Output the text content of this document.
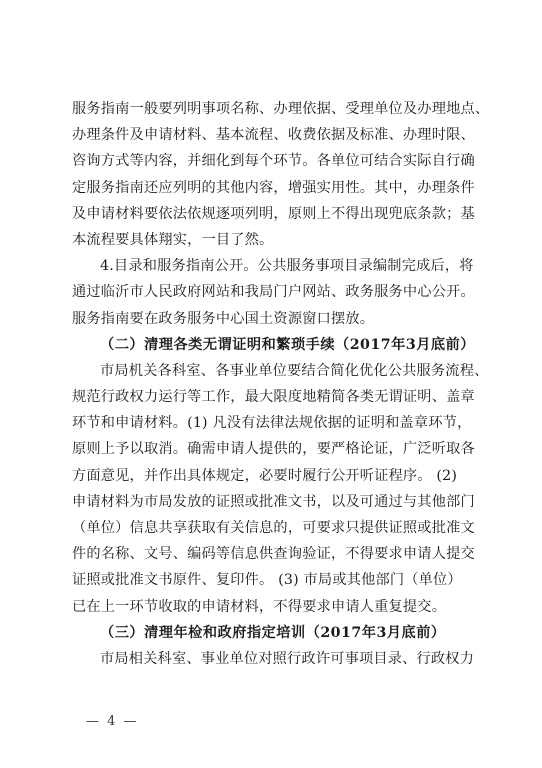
服务指南一般要列明事项名称、办理依据、受理单位及办理地点、
办理条件及申请材料、基本流程、收费依据及标准、办理时限、
咨询方式等内容，并细化到每个环节。各单位可结合实际自行确
定服务指南还应列明的其他内容，增强实用性。其中，办理条件
及申请材料要依法依规逐项列明，原则上不得出现兜底条款；基
本流程要具体翔实，一目了然。
4.目录和服务指南公开。公共服务事项目录编制完成后，将
通过临沂市人民政府网站和我局门户网站、政务服务中心公开。
服务指南要在政务服务中心国土资源窗口摆放。
（二）清理各类无谓证明和繁琐手续（2017年3月底前）
市局机关各科室、各事业单位要结合简化优化公共服务流程、
规范行政权力运行等工作，最大限度地精简各类无谓证明、盖章
环节和申请材料。(1) 凡没有法律法规依据的证明和盖章环节，
原则上予以取消。确需申请人提供的，要严格论证，广泛听取各
方面意见，并作出具体规定，必要时履行公开听证程序。 (2)
申请材料为市局发放的证照或批准文书，以及可通过与其他部门
（单位）信息共享获取有关信息的，可要求只提供证照或批准文
件的名称、文号、编码等信息供查询验证，不得要求申请人提交
证照或批准文书原件、复印件。 (3) 市局或其他部门（单位）
已在上一环节收取的申请材料，不得要求申请人重复提交。
（三）清理年检和政府指定培训（2017年3月底前）
市局相关科室、事业单位对照行政许可事项目录、行政权力
— 4 —
